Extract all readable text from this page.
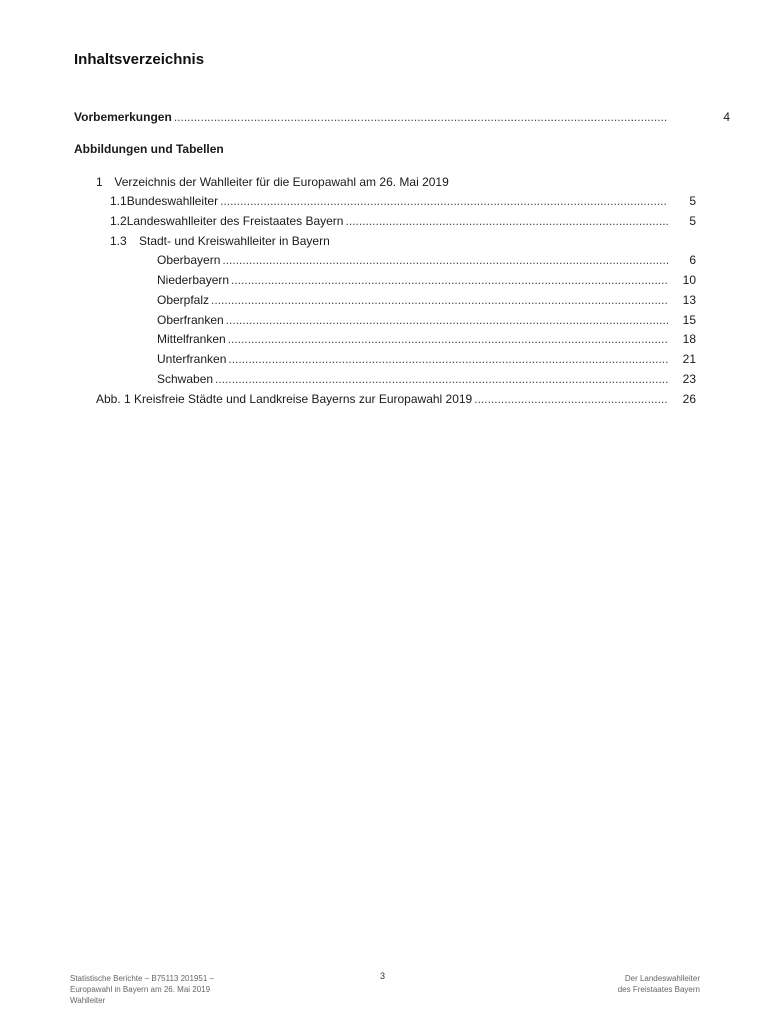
Inhaltsverzeichnis
Vorbemerkungen .....	4
Abbildungen und Tabellen
1 Verzeichnis der Wahlleiter für die Europawahl am 26. Mai 2019
1.1 Bundeswahlleiter .....	5
1.2 Landeswahlleiter des Freistaates Bayern .....	5
1.3 Stadt- und Kreiswahlleiter in Bayern
Oberbayern .....	6
Niederbayern .....	10
Oberpfalz .....	13
Oberfranken .....	15
Mittelfranken .....	18
Unterfranken .....	21
Schwaben .....	23
Abb. 1 Kreisfreie Städte und Landkreise Bayerns zur Europawahl 2019 .....	26
Statistische Berichte – B75113 201951 –
Europawahl in Bayern am 26. Mai 2019
Wahlleiter
3	Der Landeswahlleiter
des Freistaates Bayern
